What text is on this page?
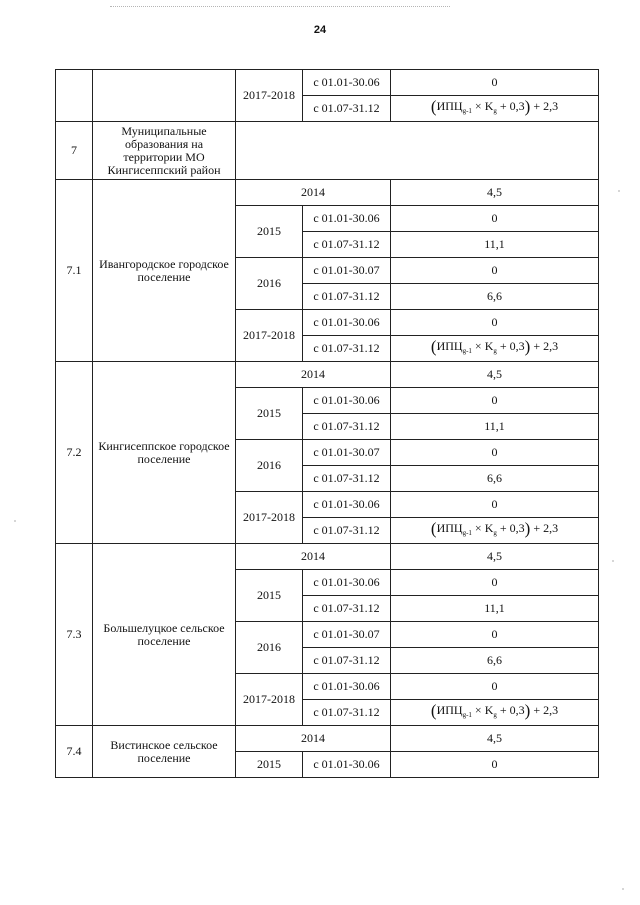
24
		2017-2018	с 01.01-30.06	0
			с 01.07-31.12	$(ИПЦ_{g-1} \times K_g + 0,3) + 2,3$
7	Муниципальные образования на территории МО Кингисеппский район			
7.1	Ивангородское городское поселение	2014		4,5
		2015	с 01.01-30.06	0
			с 01.07-31.12	11,1
		2016	с 01.01-30.07	0
			с 01.07-31.12	6,6
		2017-2018	с 01.01-30.06	0
			с 01.07-31.12	$(ИПЦ_{g-1} \times K_g + 0,3) + 2,3$
7.2	Кингисеппское городское поселение	2014		4,5
		2015	с 01.01-30.06	0
			с 01.07-31.12	11,1
		2016	с 01.01-30.07	0
			с 01.07-31.12	6,6
		2017-2018	с 01.01-30.06	0
			с 01.07-31.12	$(ИПЦ_{g-1} \times K_g + 0,3) + 2,3$
7.3	Большелуцкое сельское поселение	2014		4,5
		2015	с 01.01-30.06	0
			с 01.07-31.12	11,1
		2016	с 01.01-30.07	0
			с 01.07-31.12	6,6
		2017-2018	с 01.01-30.06	0
			с 01.07-31.12	$(ИПЦ_{g-1} \times K_g + 0,3) + 2,3$
7.4	Вистинское сельское поселение	2014		4,5
		2015	с 01.01-30.06	0
